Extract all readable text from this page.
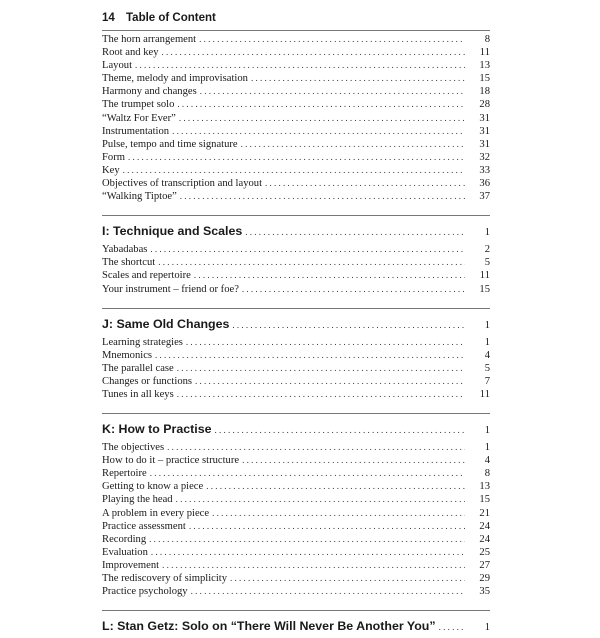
14 Table of Content
The horn arrangement . . .	8
Root and key . . .	11
Layout . . .	13
Theme, melody and improvisation . . .	15
Harmony and changes . . .	18
The trumpet solo . . .	28
“Waltz For Ever” . . .	31
Instrumentation . . .	31
Pulse, tempo and time signature . . .	31
Form . . .	32
Key . . .	33
Objectives of transcription and layout . . .	36
“Walking Tiptoe” . . .	37
I: Technique and Scales . . .	1
Yabadabas . . .	2
The shortcut . . .	5
Scales and repertoire . . .	11
Your instrument – friend or foe? . . .	15
J: Same Old Changes . . .	1
Learning strategies . . .	1
Mnemonics . . .	4
The parallel case . . .	5
Changes or functions . . .	7
Tunes in all keys . . .	11
K: How to Practise . . .	1
The objectives . . .	1
How to do it – practice structure . . .	4
Repertoire . . .	8
Getting to know a piece . . .	13
Playing the head . . .	15
A problem in every piece . . .	21
Practice assessment . . .	24
Recording . . .	24
Evaluation . . .	25
Improvement . . .	27
The rediscovery of simplicity . . .	29
Practice psychology . . .	35
L: Stan Getz: Solo on “There Will Never Be Another You” . . .	1
